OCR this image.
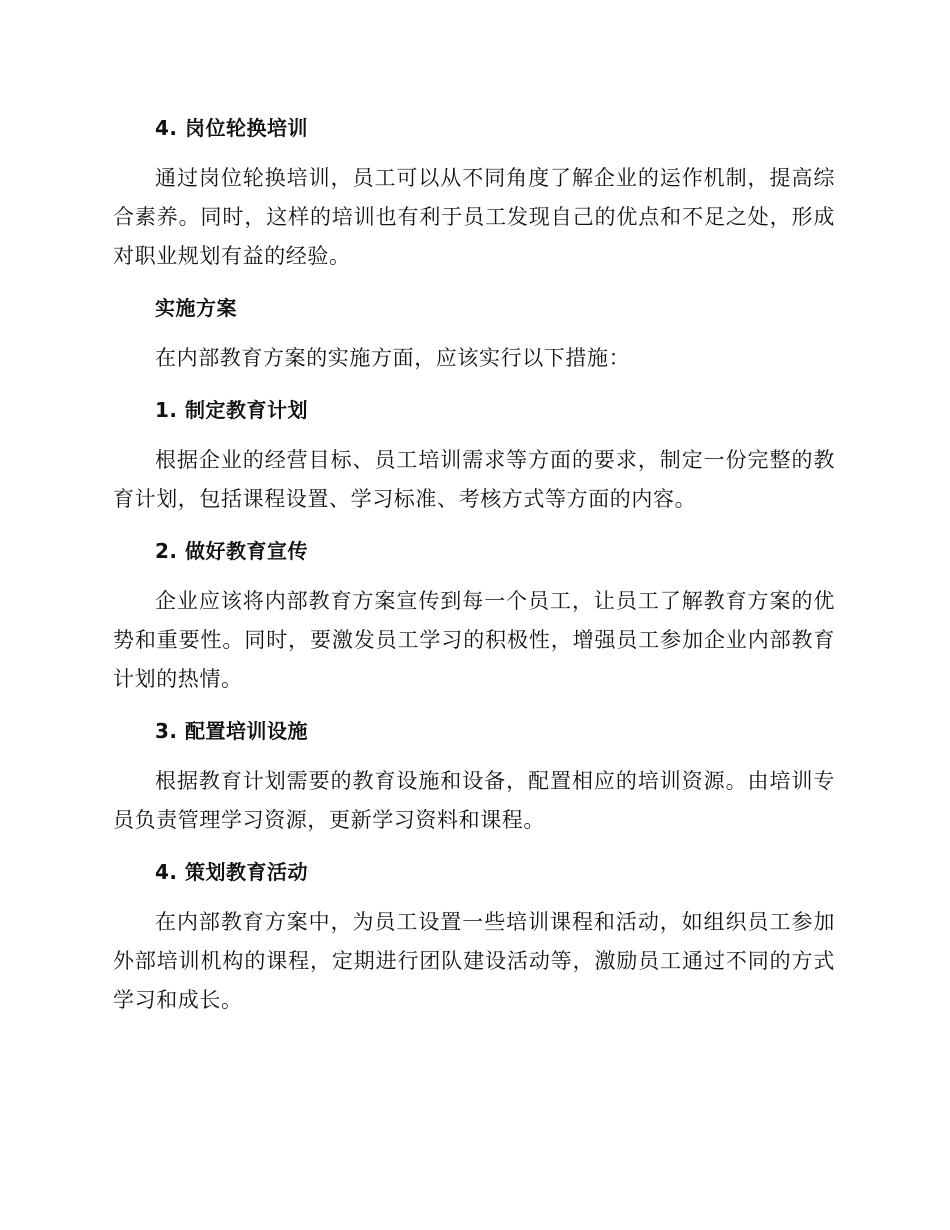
4. 岗位轮换培训

通过岗位轮换培训，员工可以从不同角度了解企业的运作机制，提高综合素养。同时，这样的培训也有利于员工发现自己的优点和不足之处，形成对职业规划有益的经验。

实施方案

在内部教育方案的实施方面，应该实行以下措施：

1. 制定教育计划

根据企业的经营目标、员工培训需求等方面的要求，制定一份完整的教育计划，包括课程设置、学习标准、考核方式等方面的内容。

2. 做好教育宣传

企业应该将内部教育方案宣传到每一个员工，让员工了解教育方案的优势和重要性。同时，要激发员工学习的积极性，增强员工参加企业内部教育计划的热情。

3. 配置培训设施

根据教育计划需要的教育设施和设备，配置相应的培训资源。由培训专员负责管理学习资源，更新学习资料和课程。

4. 策划教育活动

在内部教育方案中，为员工设置一些培训课程和活动，如组织员工参加外部培训机构的课程，定期进行团队建设活动等，激励员工通过不同的方式学习和成长。
